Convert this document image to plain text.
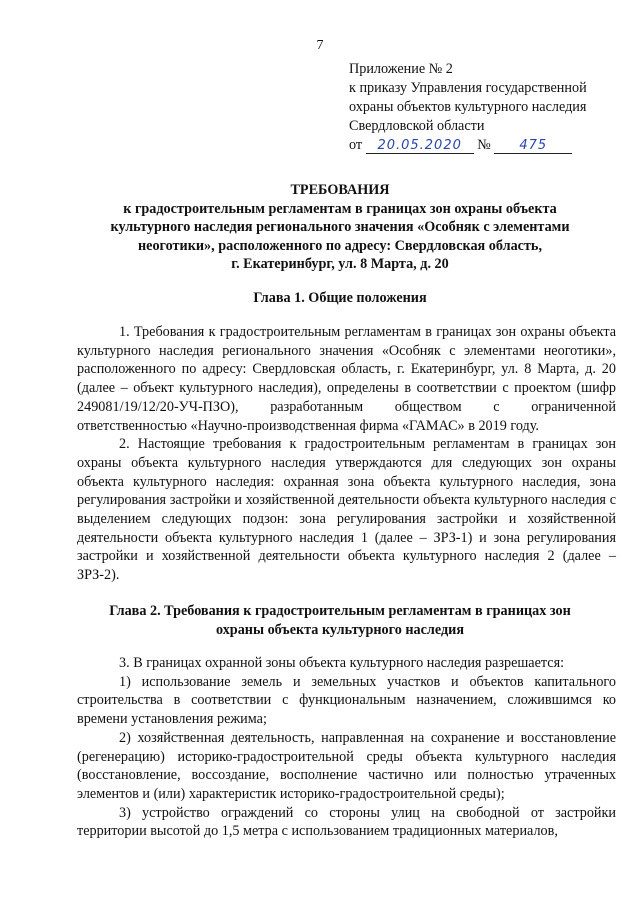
7
Приложение № 2
к приказу Управления государственной
охраны объектов культурного наследия
Свердловской области
от 20.05.2020 № 475
ТРЕБОВАНИЯ
к градостроительным регламентам в границах зон охраны объекта
культурного наследия регионального значения «Особняк с элементами
неоготики», расположенного по адресу: Свердловская область,
г. Екатеринбург, ул. 8 Марта, д. 20
Глава 1. Общие положения

1. Требования к градостроительным регламентам в границах зон охраны объекта культурного наследия регионального значения «Особняк с элементами неоготики», расположенного по адресу: Свердловская область, г. Екатеринбург, ул. 8 Марта, д. 20 (далее – объект культурного наследия), определены в соответствии с проектом (шифр 249081/19/12/20-УЧ-ПЗО), разработанным обществом с ограниченной ответственностью «Научно-производственная фирма «ГАМАС» в 2019 году.

2. Настоящие требования к градостроительным регламентам в границах зон охраны объекта культурного наследия утверждаются для следующих зон охраны объекта культурного наследия: охранная зона объекта культурного наследия, зона регулирования застройки и хозяйственной деятельности объекта культурного наследия с выделением следующих подзон: зона регулирования застройки и хозяйственной деятельности объекта культурного наследия 1 (далее – ЗРЗ-1) и зона регулирования застройки и хозяйственной деятельности объекта культурного наследия 2 (далее – ЗРЗ-2).

Глава 2. Требования к градостроительным регламентам в границах зон
охраны объекта культурного наследия

3. В границах охранной зоны объекта культурного наследия разрешается:

1) использование земель и земельных участков и объектов капитального строительства в соответствии с функциональным назначением, сложившимся ко времени установления режима;

2) хозяйственная деятельность, направленная на сохранение и восстановление (регенерацию) историко-градостроительной среды объекта культурного наследия (восстановление, воссоздание, восполнение частично или полностью утраченных элементов и (или) характеристик историко-градостроительной среды);

3) устройство ограждений со стороны улиц на свободной от застройки территории высотой до 1,5 метра с использованием традиционных материалов,
